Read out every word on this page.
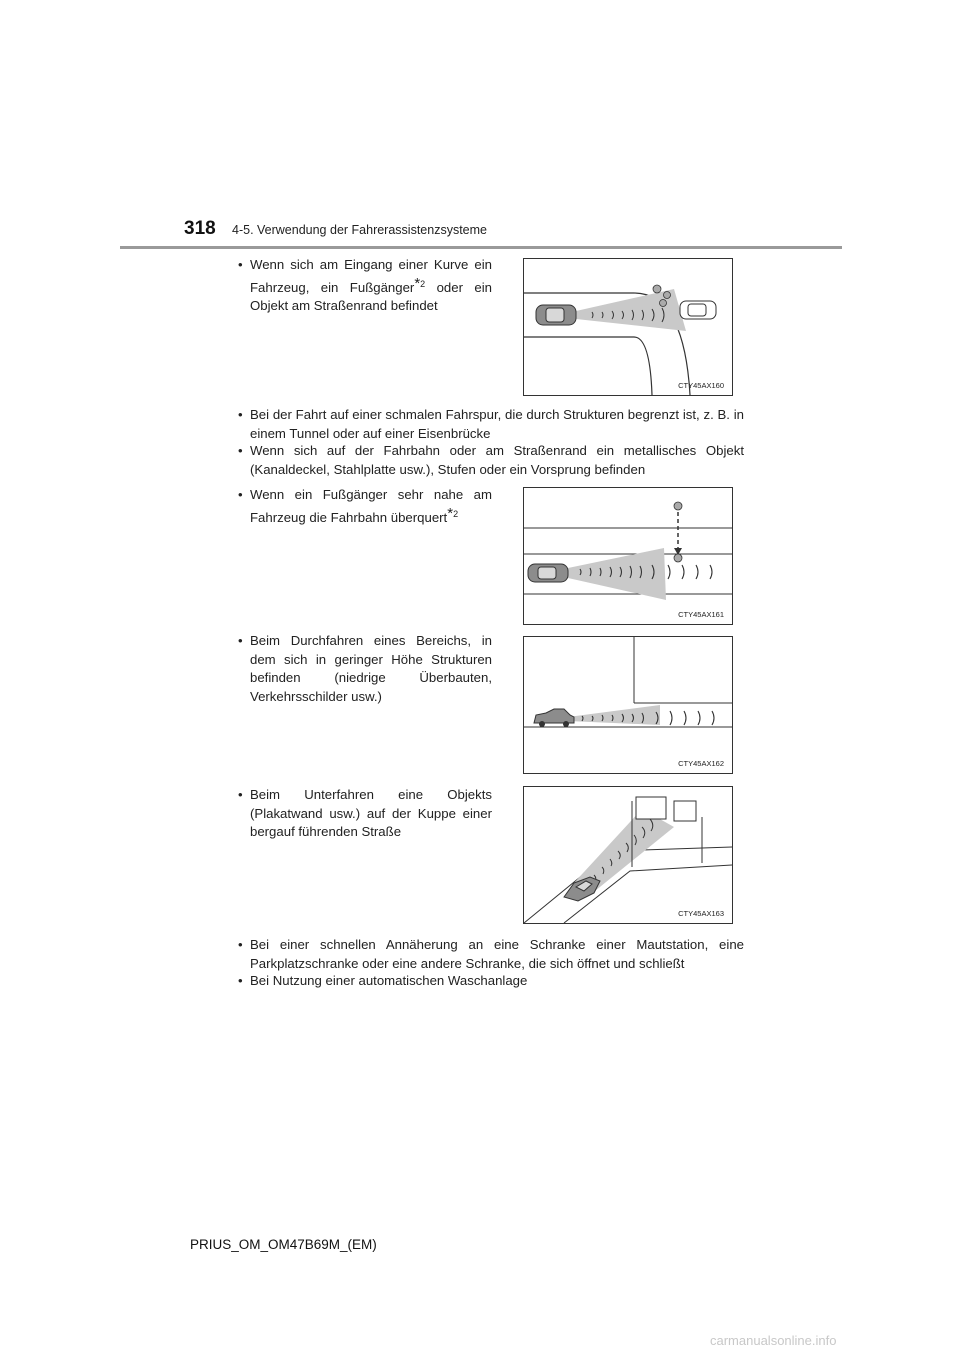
318 4-5. Verwendung der Fahrerassistenzsysteme
• Wenn sich am Eingang einer Kurve ein Fahrzeug, ein Fußgänger*$^2$ oder ein Objekt am Straßenrand befindet
CTY45AX160
• Bei der Fahrt auf einer schmalen Fahrspur, die durch Strukturen begrenzt ist, z. B. in einem Tunnel oder auf einer Eisenbrücke
• Wenn sich auf der Fahrbahn oder am Straßenrand ein metallisches Objekt (Kanaldeckel, Stahlplatte usw.), Stufen oder ein Vorsprung befinden
• Wenn ein Fußgänger sehr nahe am Fahrzeug die Fahrbahn überquert*$^2$
CTY45AX161
• Beim Durchfahren eines Bereichs, in dem sich in geringer Höhe Strukturen befinden (niedrige Überbauten, Verkehrsschilder usw.)
CTY45AX162
• Beim Unterfahren eine Objekts (Plakatwand usw.) auf der Kuppe einer bergauf führenden Straße
CTY45AX163
• Bei einer schnellen Annäherung an eine Schranke einer Mautstation, eine Parkplatzschranke oder eine andere Schranke, die sich öffnet und schließt
• Bei Nutzung einer automatischen Waschanlage
PRIUS_OM_OM47B69M_(EM)
carmanualsonline.info
